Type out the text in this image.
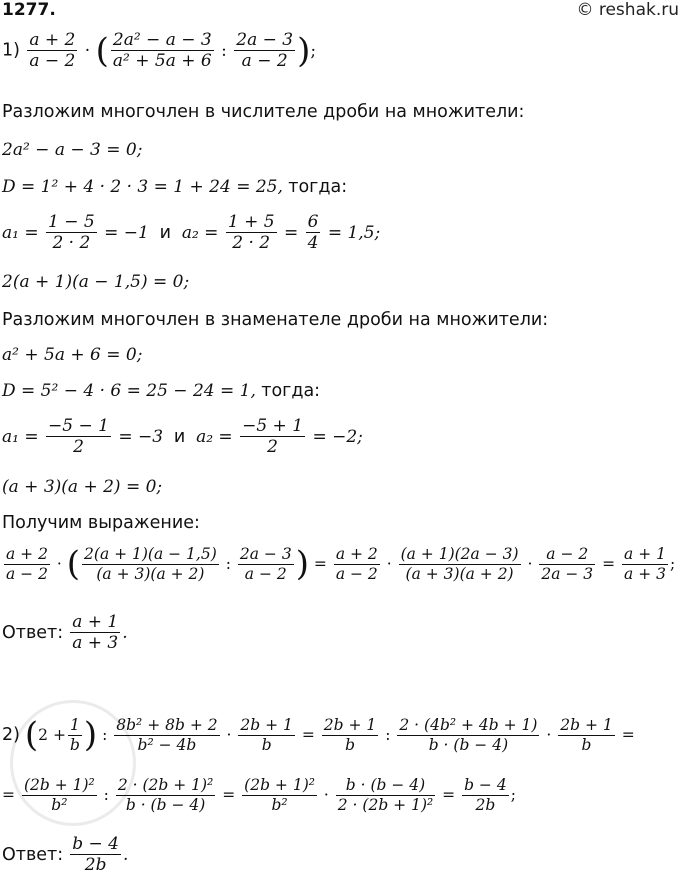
1277.	© reshak.ru
$1) \frac{a + 2}{a - 2}$ · ( $\frac{\text{2a² − a − 3}}{\text{a² + 5a + 6}}$ : $\frac{2a - 3}{a - 2}$ );
Разложим многочлен в числителе дроби на множители:
2a² − a − 3 = 0;
D = 1² + 4 · 2 · 3 = 1 + 24 = 25, тогда:
$a_1 = \frac{1 - 5}{2 \cdot 2} = -1$ и $a_2 = \frac{1 + 5}{2 \cdot 2} = \frac{6}{4} = 1,5$;
2(a + 1)(a − 1,5) = 0;
Разложим многочлен в знаменателе дроби на множители:
a² + 5a + 6 = 0;
D = 5² − 4 · 6 = 25 − 24 = 1, тогда:
$a_1 = \frac{-5 - 1}{2} = -3$ и $a_2 = \frac{-5 + 1}{2} = -2$;
(a + 3)(a + 2) = 0;
Получим выражение:
$\frac{a + 2}{a - 2}$ · ( $\frac{2(a + 1)(a - 1,5)}{(a + 3)(a + 2)}$ : $\frac{2a - 3}{a - 2}$ ) = $\frac{a + 2}{a - 2} \cdot \frac{(a + 1)(2a - 3)}{(a + 3)(a + 2)} \cdot \frac{a - 2}{2a - 3} = \frac{a + 1}{a + 3}$ ;
Ответ: $\frac{a + 1}{a + 3}$ .
2) ($2 + \frac{1}{b}$ ) : $\frac{\text{8b² + 8b + 2}}{\text{b² − 4b}} \cdot \frac{2b + 1}{b} = \frac{2b + 1}{b}$ : $\frac{\text{2 · (4b² + 4b + 1)}}{b \cdot (b - 4)} \cdot \frac{2b + 1}{b}$ =
= $\frac{\text{(2b + 1)²}}{\text{b²}}$ : $\frac{\text{2 · (2b + 1)²}}{b \cdot (b - 4)} = \frac{\text{(2b + 1)²}}{\text{b²}} \cdot \frac{b \cdot (b - 4)}{\text{2 · (2b + 1)²}} = \frac{b - 4}{2b}$ ;
Ответ: $\frac{b - 4}{2b}$ .
